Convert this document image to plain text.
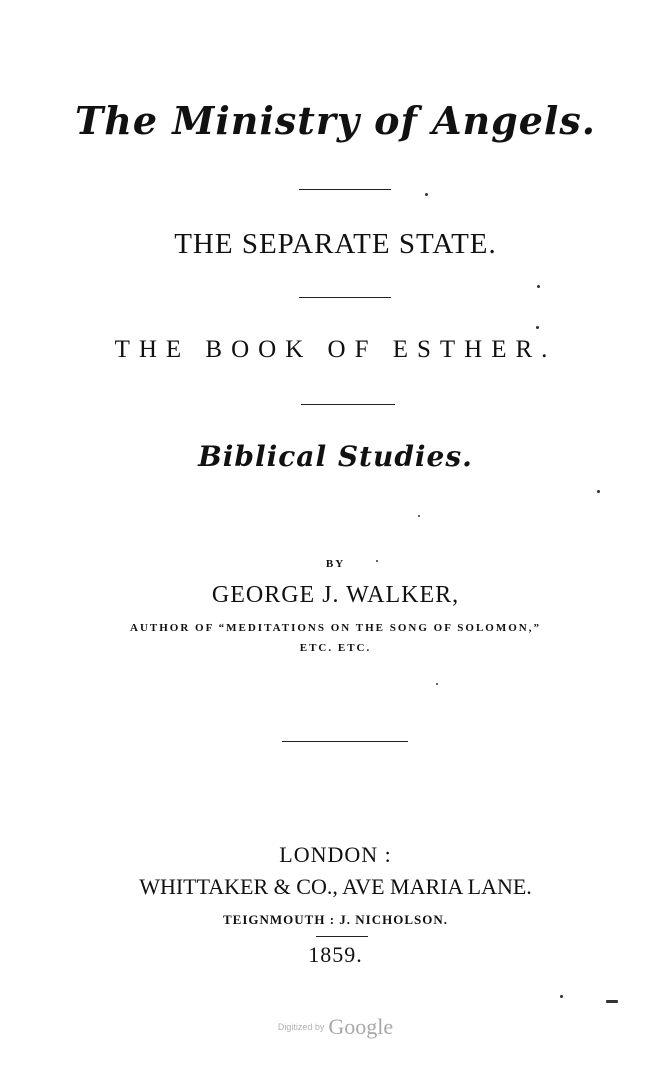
The Ministry of Angels.
THE SEPARATE STATE.
THE BOOK OF ESTHER.
Biblical Studies.
BY
GEORGE J. WALKER,
AUTHOR OF “MEDITATIONS ON THE SONG OF SOLOMON,”
ETC. ETC.
LONDON :
WHITTAKER & CO., AVE MARIA LANE.
TEIGNMOUTH : J. NICHOLSON.
1859.
Digitized by Google
